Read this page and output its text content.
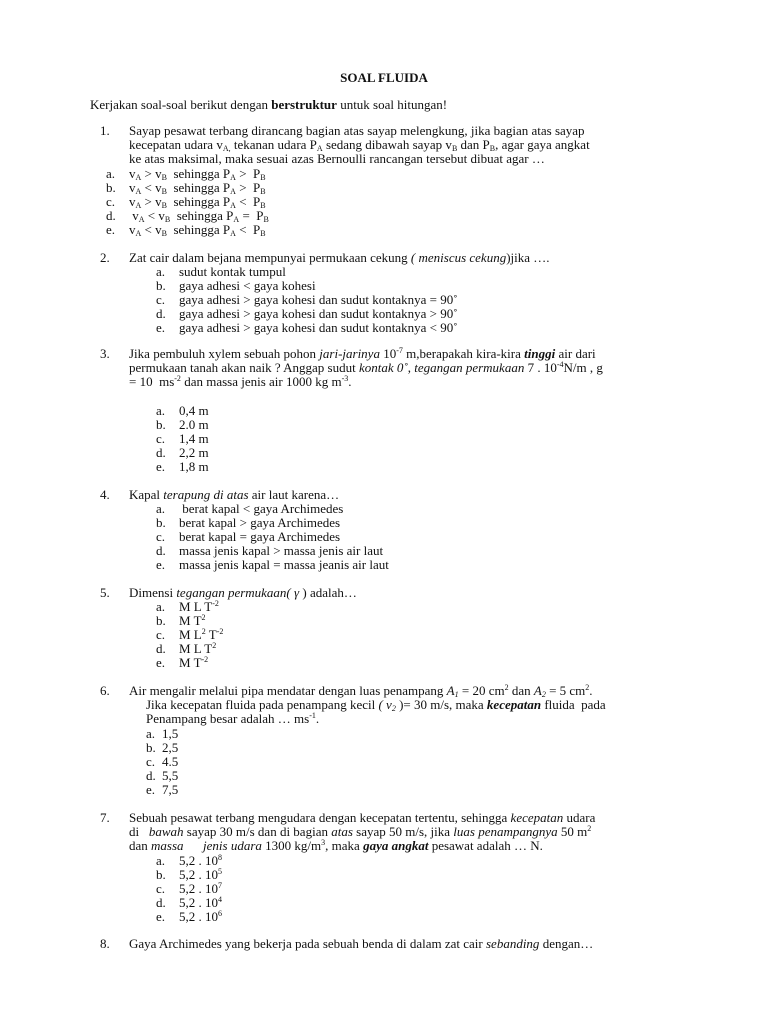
SOAL FLUIDA
Kerjakan soal-soal berikut dengan berstruktur untuk soal hitungan!
1. Sayap pesawat terbang dirancang bagian atas sayap melengkung, jika bagian atas sayap
kecepatan udara $v_{A,}$ tekanan udara $P_A$ sedang dibawah sayap $v_B$ dan $P_B$, agar gaya angkat
ke atas maksimal, maka sesuai azas Bernoulli rancangan tersebut dibuat agar …
a. $v_A > v_B$  sehingga $P_A > P_B$
b. $v_A < v_B$  sehingga $P_A > P_B$
c. $v_A > v_B$  sehingga $P_A < P_B$
d. $v_A < v_B$  sehingga $P_A = P_B$
e. $v_A < v_B$  sehingga $P_A < P_B$
2. Zat cair dalam bejana mempunyai permukaan cekung ( meniscus cekung)jika ….
a. sudut kontak tumpul
b. gaya adhesi < gaya kohesi
c. gaya adhesi > gaya kohesi dan sudut kontaknya = 90˚
d. gaya adhesi > gaya kohesi dan sudut kontaknya > 90˚
e. gaya adhesi > gaya kohesi dan sudut kontaknya < 90˚
3. Jika pembuluh xylem sebuah pohon jari-jarinya $10^{-7}$ m,berapakah kira-kira tinggi air dari
permukaan tanah akan naik ? Anggap sudut kontak 0˚, tegangan permukaan 7 . $10^{-4}N/m$ , g
= 10  $ms^{-2}$ dan massa jenis air 1000 kg $m^{-3}$.
a. 0,4 m
b. 2.0 m
c. 1,4 m
d. 2,2 m
e. 1,8 m
4. Kapal terapung di atas air laut karena…
a. berat kapal < gaya Archimedes
b. berat kapal > gaya Archimedes
c. berat kapal = gaya Archimedes
d. massa jenis kapal > massa jenis air laut
e. massa jenis kapal = massa jeanis air laut
5. Dimensi tegangan permukaan( γ ) adalah…
a. M L $T^{-2}$
b. M $T^2$
c. M $L^2$ $T^{-2}$
d. M L $T^2$
e. M $T^{-2}$
6. Air mengalir melalui pipa mendatar dengan luas penampang $A_1 = 20$ $cm^2$ dan $A_2 = 5$ $cm^2$.
Jika kecepatan fluida pada penampang kecil ( $v_2$ )= 30 m/s, maka kecepatan fluida  pada
Penampang besar adalah … $ms^{-1}$.
a. 1,5
b. 2,5
c. 4.5
d. 5,5
e. 7,5
7. Sebuah pesawat terbang mengudara dengan kecepatan tertentu, sehingga kecepatan udara
di   bawah sayap 30 m/s dan di bagian atas sayap 50 m/s, jika luas penampangnya 50 $m^2$
dan massa jenis udara 1300 $kg/m^3$, maka gaya angkat pesawat adalah … N.
a. 5,2 . $10^8$
b. 5,2 . $10^5$
c. 5,2 . $10^7$
d. 5,2 . $10^4$
e. 5,2 . $10^6$
8. Gaya Archimedes yang bekerja pada sebuah benda di dalam zat cair sebanding dengan…
